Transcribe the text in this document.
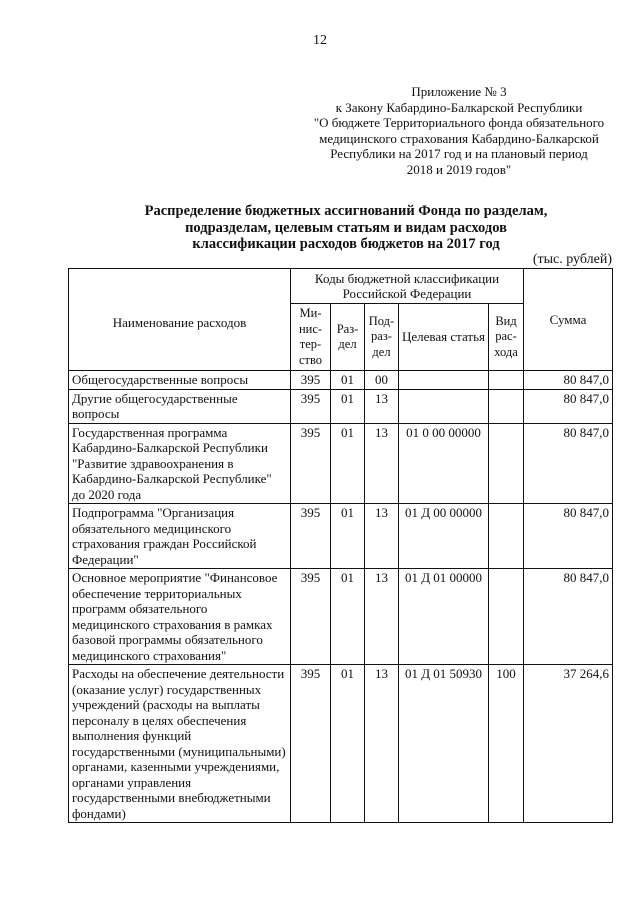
12
Приложение № 3
к Закону Кабардино-Балкарской Республики
"О бюджете Территориального фонда обязательного
медицинского страхования Кабардино-Балкарской
Республики на 2017 год и на плановый период
2018 и 2019 годов"
Распределение бюджетных ассигнований Фонда по разделам,
подразделам, целевым статьям и видам расходов
классификации расходов бюджетов на 2017 год
(тыс. рублей)
Наименование расходов	Коды бюджетной классификации Российской Федерации					Сумма
	Ми-нис-тер-ство	Раз-дел	Под-раз-дел	Целевая статья	Вид рас-хода	
Общегосударственные вопросы	395	01	00			80 847,0
Другие общегосударственные вопросы	395	01	13			80 847,0
Государственная программа Кабардино-Балкарской Республики "Развитие здравоохранения в Кабардино-Балкарской Республике" до 2020 года	395	01	13	01 0 00 00000		80 847,0
Подпрограмма "Организация обязательного медицинского страхования граждан Российской Федерации"	395	01	13	01 Д 00 00000		80 847,0
Основное мероприятие "Финансовое обеспечение территориальных программ обязательного медицинского страхования в рамках базовой программы обязательного медицинского страхования"	395	01	13	01 Д 01 00000		80 847,0
Расходы на обеспечение деятельности (оказание услуг) государственных учреждений (расходы на выплаты персоналу в целях обеспечения выполнения функций государственными (муниципальными) органами, казенными учреждениями, органами управления государственными внебюджетными фондами)	395	01	13	01 Д 01 50930	100	37 264,6
